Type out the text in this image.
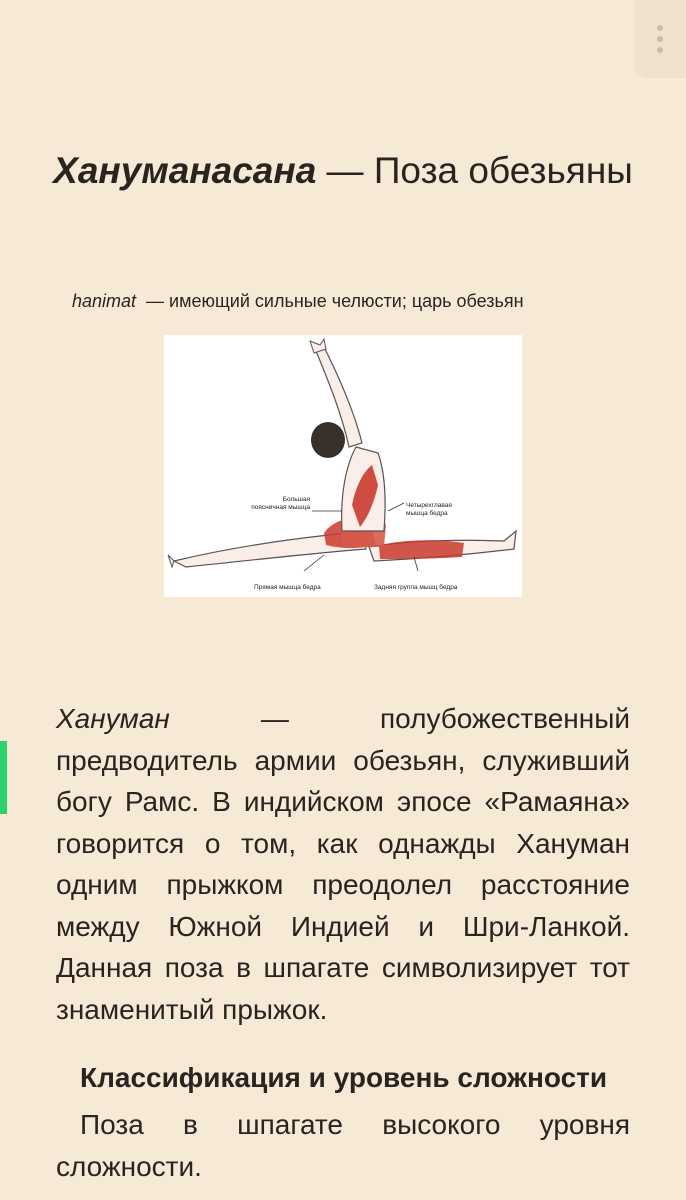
Хануманасана — Поза обезьяны
hanimat  — имеющий сильные челюсти; царь обезьян
Большая
поясничная мышца	Четырехглавая
мышца бедра
Прямая мышца бедра	Задняя группа мышц бедра

Хануман — полубожественный предводитель армии обезьян, служивший богу Рамс. В индийском эпосе «Рамаяна» говорится о том, как однажды Хануман одним прыжком преодолел расстояние между Южной Индией и Шри-Ланкой. Данная поза в шпагате символизирует тот знаменитый прыжок.

Классификация и уровень сложности

Поза в шпагате высокого уровня сложности.
